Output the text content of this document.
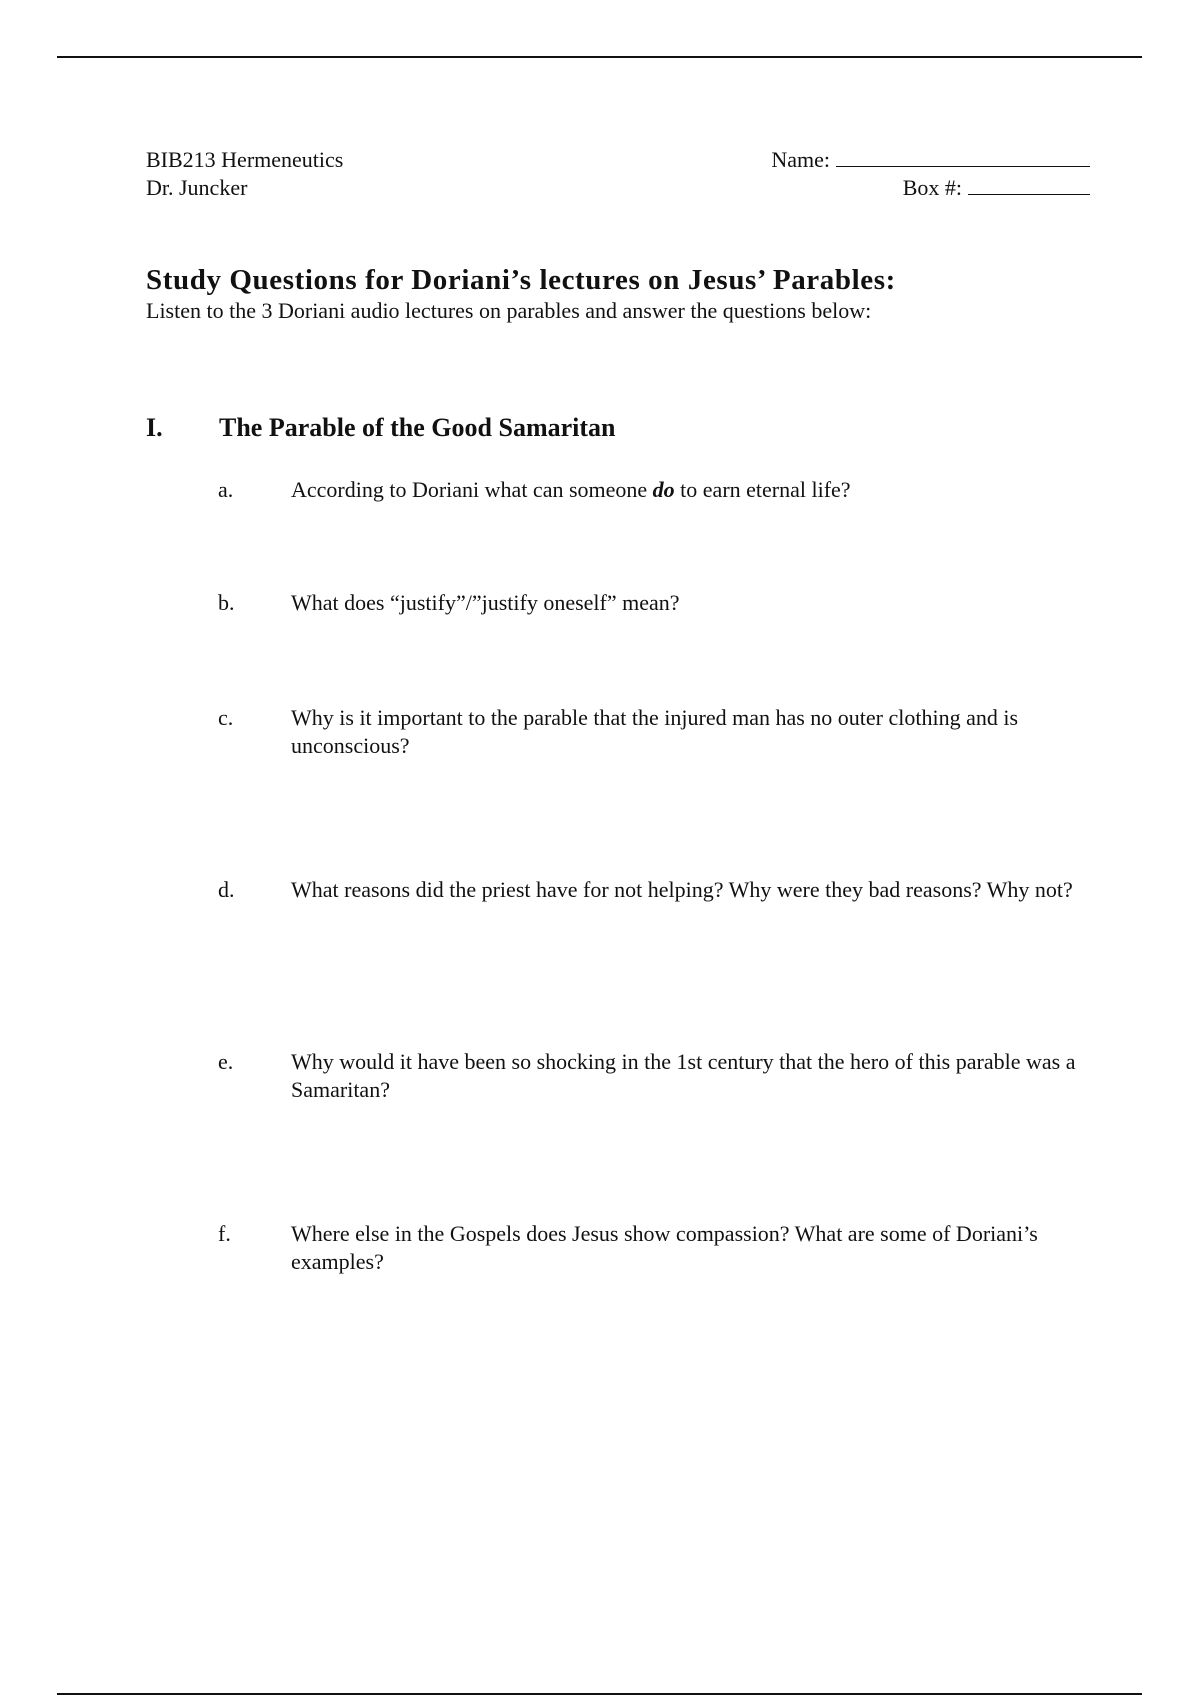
BIB213 Hermeneutics
Dr. Juncker
Name:
Box #:
Study Questions for Doriani’s lectures on Jesus’ Parables:
Listen to the 3 Doriani audio lectures on parables and answer the questions below:
I.	The Parable of the Good Samaritan
a.	According to Doriani what can someone do to earn eternal life?
b.	What does “justify”/”justify oneself” mean?
c.	Why is it important to the parable that the injured man has no outer clothing and is unconscious?
d.	What reasons did the priest have for not helping? Why were they bad reasons? Why not?
e.	Why would it have been so shocking in the 1st century that the hero of this parable was a Samaritan?
f.	Where else in the Gospels does Jesus show compassion? What are some of Doriani’s examples?
